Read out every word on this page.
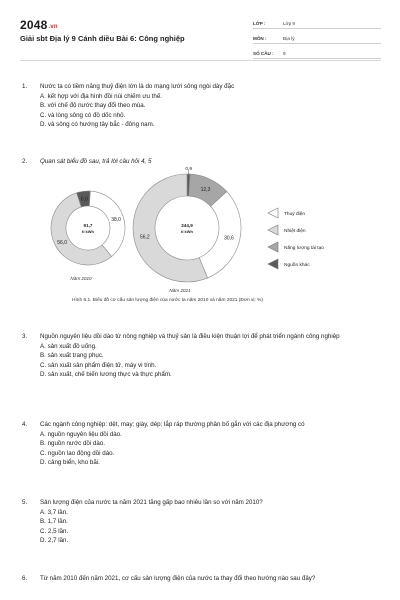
2048.vn
Giải sbt Địa lý 9 Cánh diều Bài 6: Công nghiệp
LỚP :	Lớp 9
MÔN :	Địa lý
SỐ CÂU :	9
1. Nước ta có tiềm năng thuỷ điện lớn là do mạng lưới sông ngòi dày đặc
A. kết hợp với địa hình đồi núi chiếm ưu thế.
B. với chế độ nước thay đổi theo mùa.
C. và lòng sông có độ dốc nhỏ.
D. và sông có hướng tây bắc - đông nam.
2. Quan sát biểu đồ sau, trả lời câu hỏi 4, 5
6,0
38,0
56,0
91,7
tỉ kWh
Năm 2010
0,9
12,3
30,6
56,2
244,9
tỉ kWh
Năm 2021
Thuỷ điện
Nhiệt điện
Năng lượng tái tạo
Nguồn khác
Hình 6.1. Biểu đồ cơ cấu sản lượng điện của nước ta năm 2010 và năm 2021 (Đơn vị: %)
3. Nguồn nguyên liệu dồi dào từ nông nghiệp và thuỷ sản là điều kiện thuận lợi để phát triển ngành công nghiệp
A. sản xuất đồ uống.
B. sản xuất trang phục.
C. sản xuất sản phẩm điện tử, máy vi tính.
D. sản xuất, chế biến lương thực và thực phẩm.
4. Các ngành công nghiệp: dệt, may; giày, dép; lắp ráp thường phân bố gắn với các địa phương có
A. nguồn nguyên liệu dồi dào.
B. nguồn nước dồi dào.
C. nguồn lao động dồi dào.
D. cảng biển, kho bãi.
5. Sản lượng điện của nước ta năm 2021 tăng gấp bao nhiêu lần so với năm 2010?
A. 3,7 lần.
B. 1,7 lần.
C. 2,5 lần.
D. 2,7 lần.
6. Từ năm 2010 đến năm 2021, cơ cấu sản lượng điện của nước ta thay đổi theo hướng nào sau đây?
